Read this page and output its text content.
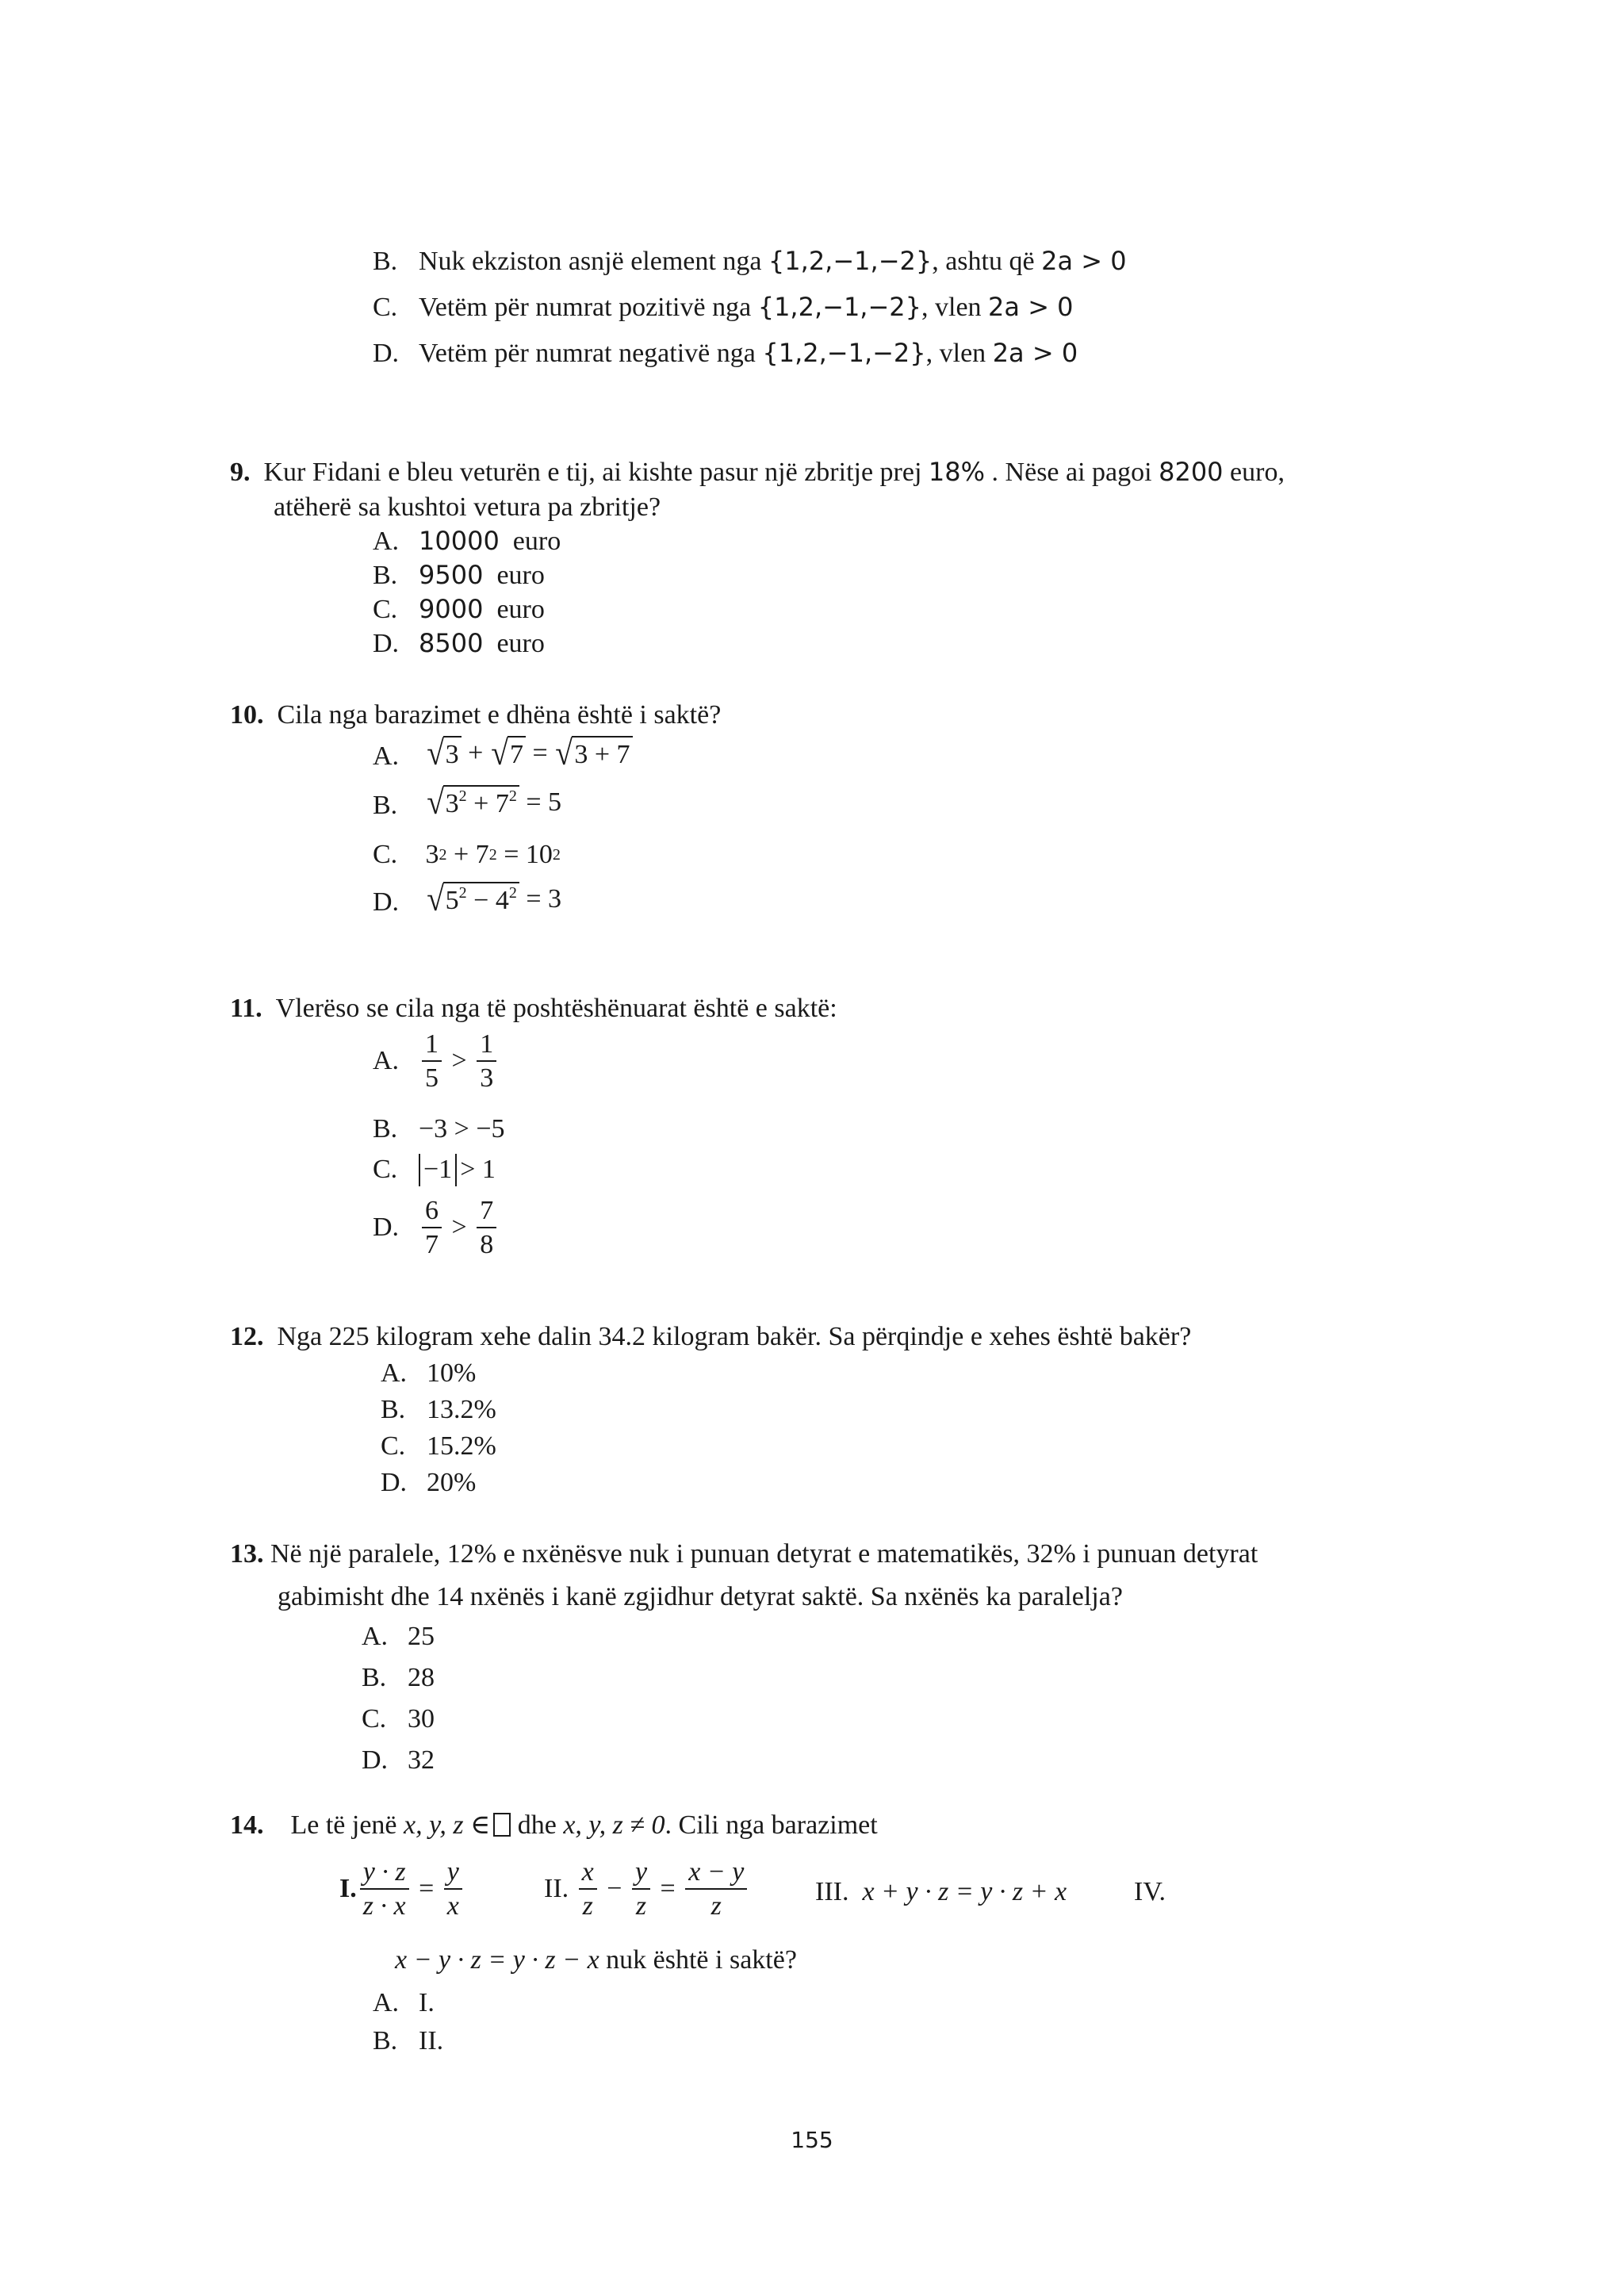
B. Nuk ekziston asnjë element nga {1,2,−1,−2}, ashtu që 2a > 0
C. Vetëm për numrat pozitivë nga {1,2,−1,−2}, vlen 2a > 0
D. Vetëm për numrat negativë nga {1,2,−1,−2}, vlen 2a > 0
9. Kur Fidani e bleu veturën e tij, ai kishte pasur një zbritje prej 18% . Nëse ai pagoi 8200 euro,
atëherë sa kushtoi vetura pa zbritje?
A. 10000 euro
B. 9500 euro
C. 9000 euro
D. 8500 euro
10. Cila nga barazimet e dhëna është i saktë?
A. √ 3 + √ 7 = √ 3 + 7
B. √ $3^2 + 7^2 = 5$
C. 3 2 + 7 2 = 10 2
D. √ $5^2 - 4^2 = 3$
11. Vlerëso se cila nga të poshtëshënuarat është e saktë:
A. $\frac{1}{5} > \frac{1}{3}$
B. −3 > −5
C. −1 > 1
D. $\frac{6}{7} > \frac{7}{8}$
12. Nga 225 kilogram xehe dalin 34.2 kilogram bakër. Sa përqindje e xehes është bakër?
A. 10%
B. 13.2%
C. 15.2%
D. 20%
13. Në një paralele, 12% e nxënësve nuk i punuan detyrat e matematikës, 32% i punuan detyrat
gabimisht dhe 14 nxënës i kanë zgjidhur detyrat saktë. Sa nxënës ka paralelja?
A. 25
B. 28
C. 30
D. 32
14. Le të jenë x, y, z ∈ dhe x, y, z ≠ 0. Cili nga barazimet
I. $\frac{y \cdot z}{z \cdot x} = \frac{y}{x}$	II.
$\frac{x}{z} - \frac{y}{z} = \frac{x - y}{z}$	III. x + y · z = y · z + x IV.
x − y · z = y · z − x nuk është i saktë?
A. I.
B. II.
155
